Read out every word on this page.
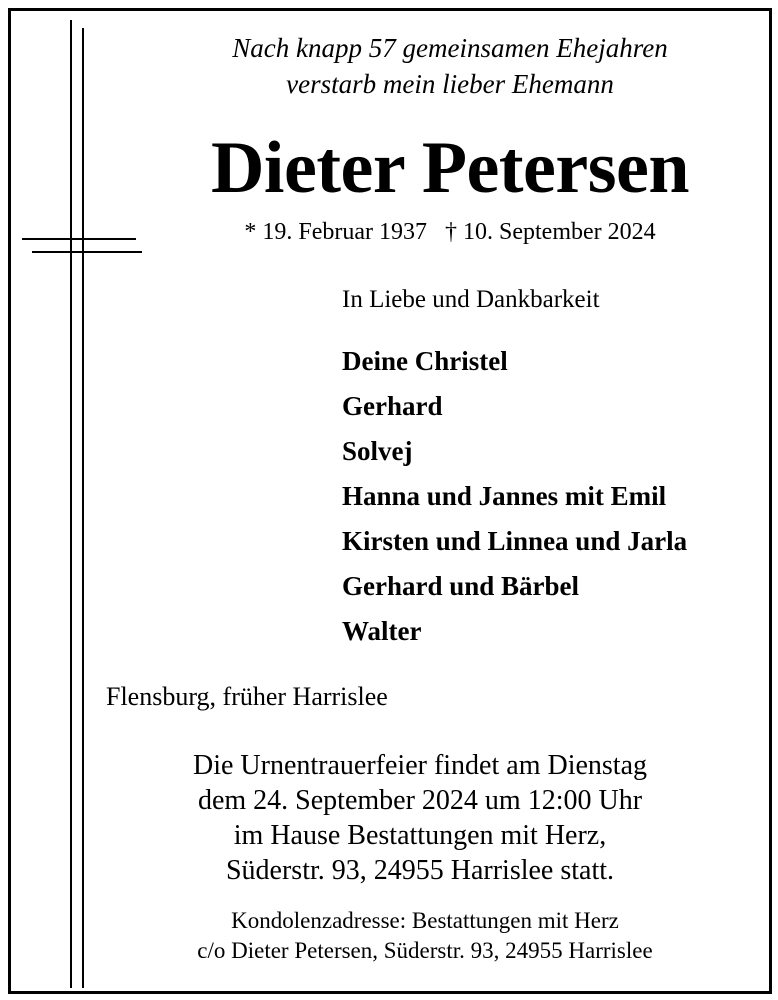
Nach knapp 57 gemeinsamen Ehejahren
verstarb mein lieber Ehemann
Dieter Petersen
* 19. Februar 1937 † 10. September 2024
In Liebe und Dankbarkeit
Deine Christel
Gerhard
Solvej
Hanna und Jannes mit Emil
Kirsten und Linnea und Jarla
Gerhard und Bärbel
Walter
Flensburg, früher Harrislee
Die Urnentrauerfeier findet am Dienstag
dem 24. September 2024 um 12:00 Uhr
im Hause Bestattungen mit Herz,
Süderstr. 93, 24955 Harrislee statt.
Kondolenzadresse: Bestattungen mit Herz
c/o Dieter Petersen, Süderstr. 93, 24955 Harrislee
